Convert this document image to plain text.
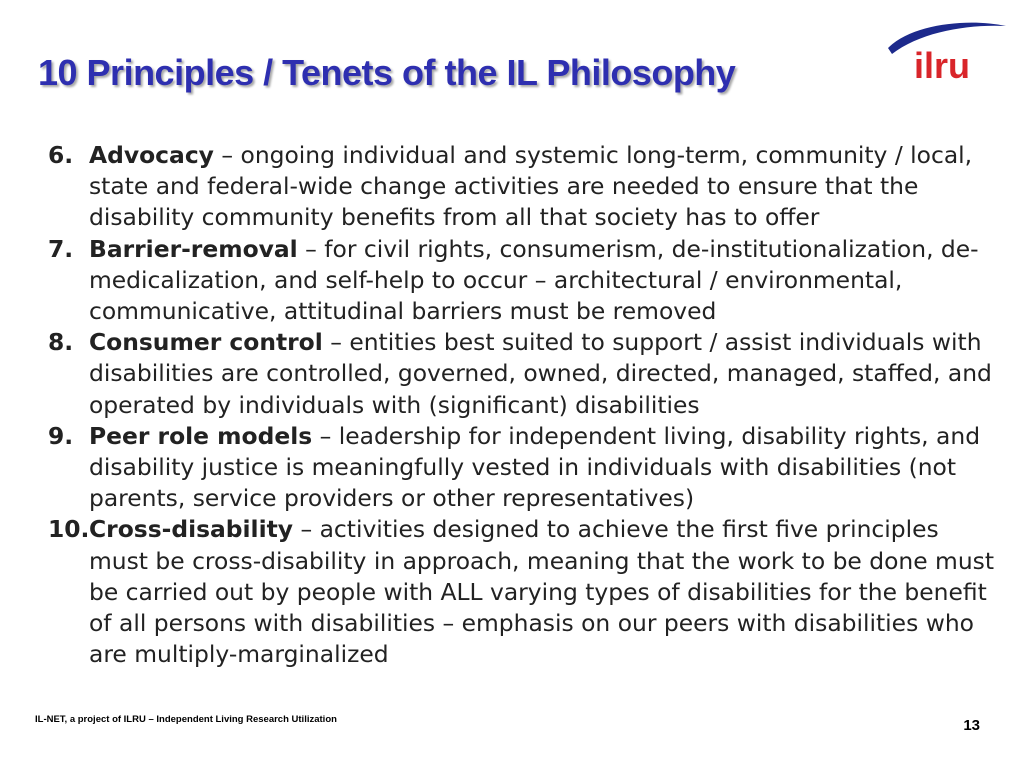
10 Principles / Tenets of the IL Philosophy	ilru
6. Advocacy – ongoing individual and systemic long-term, community / local, state and federal-wide change activities are needed to ensure that the disability community benefits from all that society has to offer
7. Barrier-removal – for civil rights, consumerism, de-institutionalization, de-medicalization, and self-help to occur – architectural / environmental, communicative, attitudinal barriers must be removed
8. Consumer control – entities best suited to support / assist individuals with disabilities are controlled, governed, owned, directed, managed, staffed, and operated by individuals with (significant) disabilities
9. Peer role models – leadership for independent living, disability rights, and disability justice is meaningfully vested in individuals with disabilities (not parents, service providers or other representatives)
10. Cross-disability – activities designed to achieve the first five principles must be cross-disability in approach, meaning that the work to be done must be carried out by people with ALL varying types of disabilities for the benefit of all persons with disabilities – emphasis on our peers with disabilities who are multiply-marginalized
IL-NET, a project of ILRU – Independent Living Research Utilization	13
